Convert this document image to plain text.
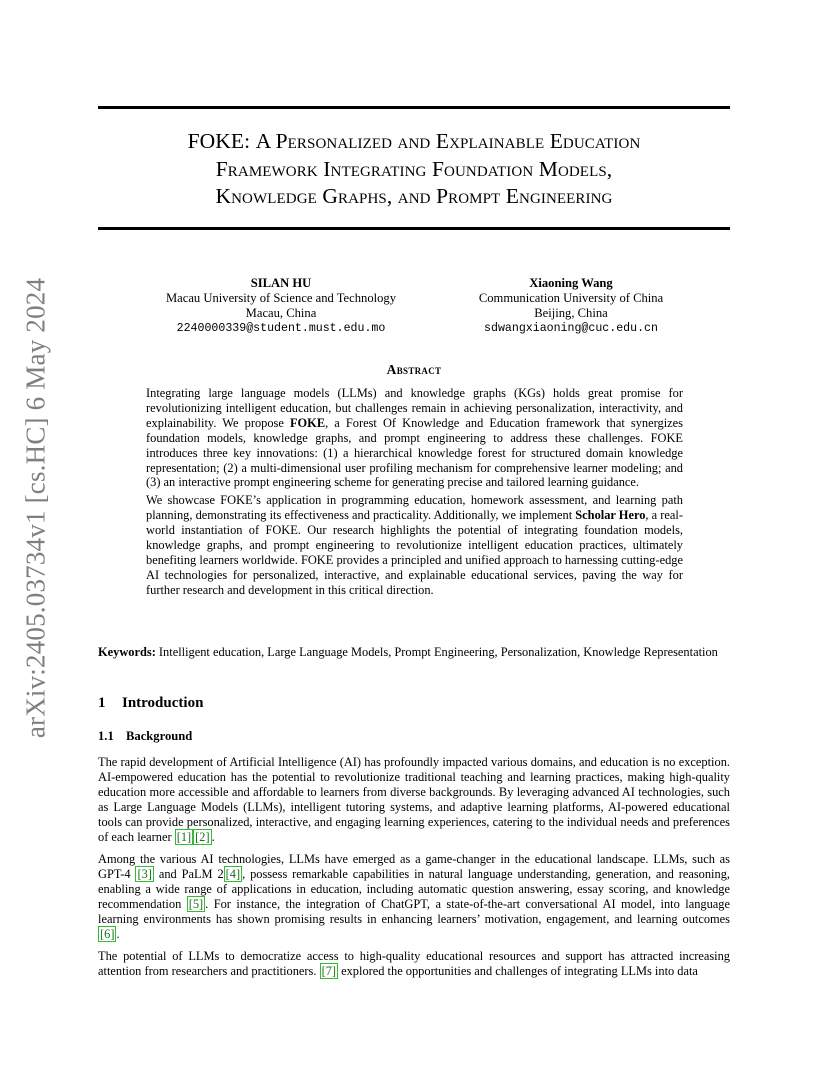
FOKE: A Personalized and Explainable Education
Framework Integrating Foundation Models,
Knowledge Graphs, and Prompt Engineering
arXiv:2405.03734v1 [cs.HC] 6 May 2024	SILAN HU
Macau University of Science and Technology
Macau, China
2240000339@student.must.edu.mo
Xiaoning Wang
Communication University of China
Beijing, China
sdwangxiaoning@cuc.edu.cn
Abstract

Integrating large language models (LLMs) and knowledge graphs (KGs) holds great promise for revolutionizing intelligent education, but challenges remain in achieving personalization, interactivity, and explainability. We propose FOKE, a Forest Of Knowledge and Education framework that synergizes foundation models, knowledge graphs, and prompt engineering to address these challenges. FOKE introduces three key innovations: (1) a hierarchical knowledge forest for structured domain knowledge representation; (2) a multi-dimensional user profiling mechanism for comprehensive learner modeling; and (3) an interactive prompt engineering scheme for generating precise and tailored learning guidance.

We showcase FOKE’s application in programming education, homework assessment, and learning path planning, demonstrating its effectiveness and practicality. Additionally, we implement Scholar Hero, a real-world instantiation of FOKE. Our research highlights the potential of integrating foundation models, knowledge graphs, and prompt engineering to revolutionize intelligent education practices, ultimately benefiting learners worldwide. FOKE provides a principled and unified approach to harnessing cutting-edge AI technologies for personalized, interactive, and explainable educational services, paving the way for further research and development in this critical direction.

Keywords: Intelligent education, Large Language Models, Prompt Engineering, Personalization, Knowledge Representation
1 Introduction
1.1 Background

The rapid development of Artificial Intelligence (AI) has profoundly impacted various domains, and education is no exception. AI-empowered education has the potential to revolutionize traditional teaching and learning practices, making high-quality education more accessible and affordable to learners from diverse backgrounds. By leveraging advanced AI technologies, such as Large Language Models (LLMs), intelligent tutoring systems, and adaptive learning platforms, AI-powered educational tools can provide personalized, interactive, and engaging learning experiences, catering to the individual needs and preferences of each learner [1] [2] .

Among the various AI technologies, LLMs have emerged as a game-changer in the educational landscape. LLMs, such as GPT-4 [3] and PaLM 2 [4] , possess remarkable capabilities in natural language understanding, generation, and reasoning, enabling a wide range of applications in education, including automatic question answering, essay scoring, and knowledge recommendation [5] . For instance, the integration of ChatGPT, a state-of-the-art conversational AI model, into language learning environments has shown promising results in enhancing learners’ motivation, engagement, and learning outcomes [6] .

The potential of LLMs to democratize access to high-quality educational resources and support has attracted increasing attention from researchers and practitioners. [7] explored the opportunities and challenges of integrating LLMs into data
